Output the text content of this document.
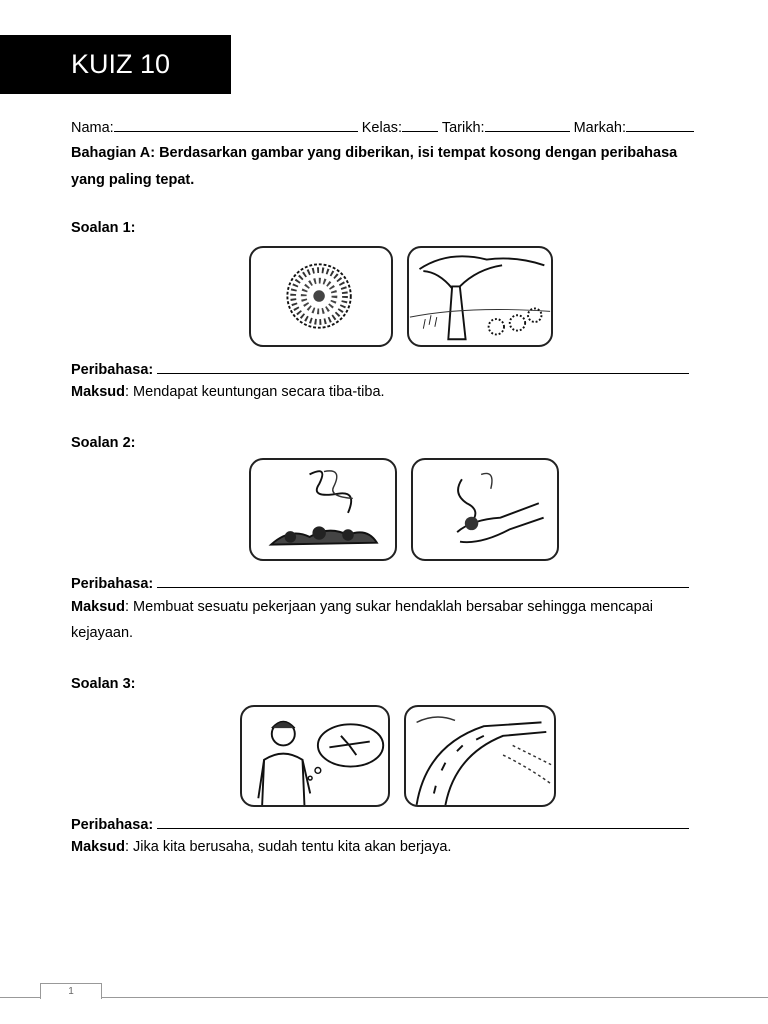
KUIZ 10
Nama:	Kelas:	Tarikh:	Markah:
Bahagian A: Berdasarkan gambar yang diberikan, isi tempat kosong dengan peribahasa
yang paling tepat.
Soalan 1:
Peribahasa:
Maksud: Mendapat keuntungan secara tiba-tiba.
Soalan 2:
Peribahasa:
Maksud: Membuat sesuatu pekerjaan yang sukar hendaklah bersabar sehingga mencapai
kejayaan.
Soalan 3:
Peribahasa:
Maksud: Jika kita berusaha, sudah tentu kita akan berjaya.
1
